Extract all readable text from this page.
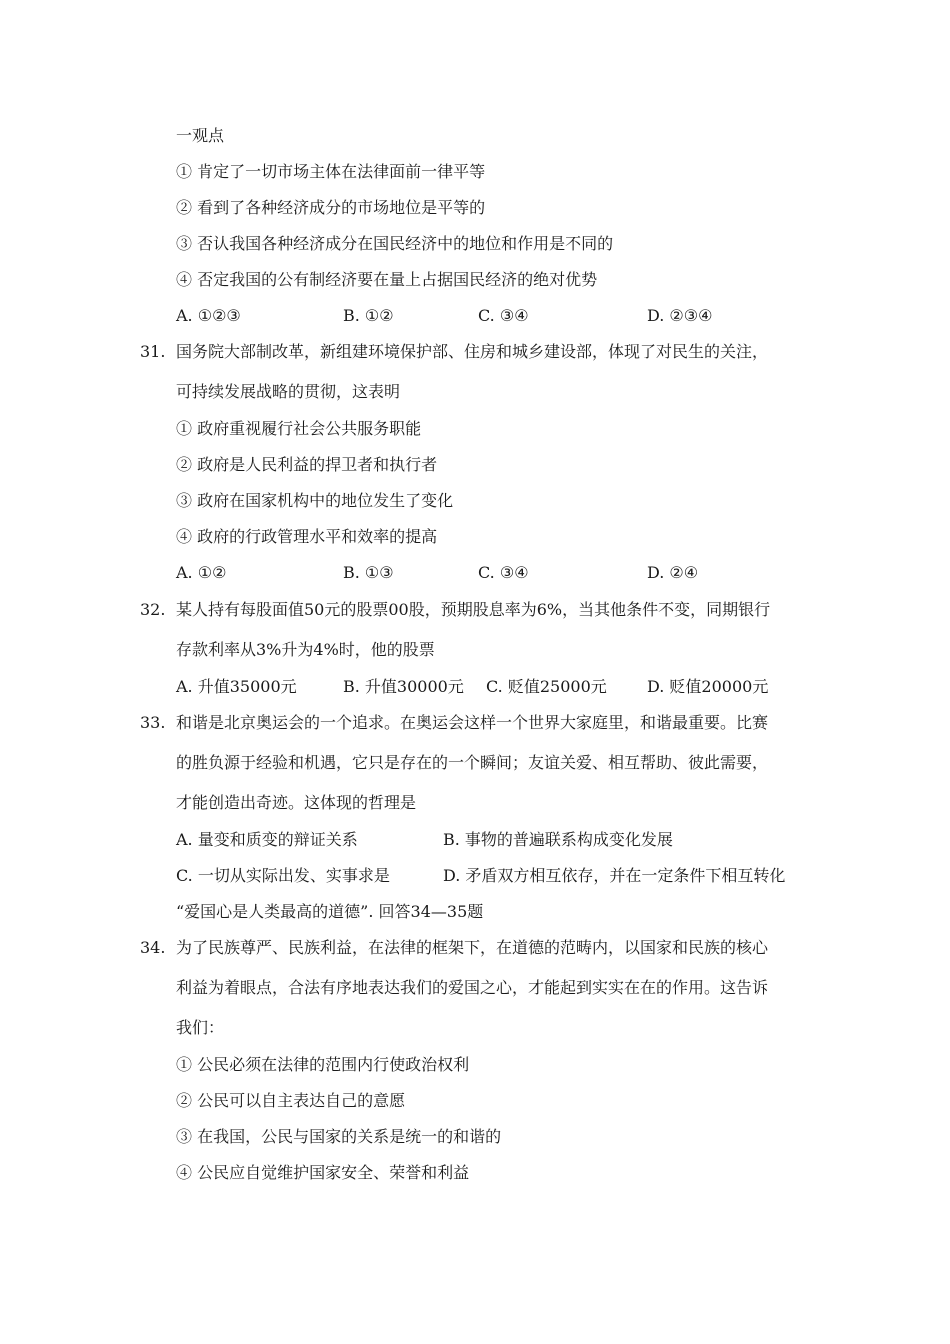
一观点
① 肯定了一切市场主体在法律面前一律平等
② 看到了各种经济成分的市场地位是平等的
③ 否认我国各种经济成分在国民经济中的地位和作用是不同的
④ 否定我国的公有制经济要在量上占据国民经济的绝对优势
A. ①②③	B. ①②	C. ③④	D. ②③④
31. 国务院大部制改革，新组建环境保护部、住房和城乡建设部，体现了对民生的关注，
可持续发展战略的贯彻，这表明
① 政府重视履行社会公共服务职能
② 政府是人民利益的捍卫者和执行者
③ 政府在国家机构中的地位发生了变化
④ 政府的行政管理水平和效率的提高
A. ①②	B. ①③	C. ③④	D. ②④
32. 某人持有每股面值50元的股票00股，预期股息率为6%，当其他条件不变，同期银行
存款利率从3%升为4%时，他的股票
A. 升值35000元	B. 升值30000元 C. 贬值25000元	D. 贬值20000元
33. 和谐是北京奥运会的一个追求。在奥运会这样一个世界大家庭里，和谐最重要。比赛
的胜负源于经验和机遇，它只是存在的一个瞬间；友谊关爱、相互帮助、彼此需要，
才能创造出奇迹。这体现的哲理是
A. 量变和质变的辩证关系	B. 事物的普遍联系构成变化发展
C. 一切从实际出发、实事求是	D. 矛盾双方相互依存，并在一定条件下相互转化
“爱国心是人类最高的道德”. 回答34—35题
34. 为了民族尊严、民族利益，在法律的框架下，在道德的范畴内，以国家和民族的核心
利益为着眼点，合法有序地表达我们的爱国之心，才能起到实实在在的作用。这告诉
我们：
① 公民必须在法律的范围内行使政治权利
② 公民可以自主表达自己的意愿
③ 在我国，公民与国家的关系是统一的和谐的
④ 公民应自觉维护国家安全、荣誉和利益
